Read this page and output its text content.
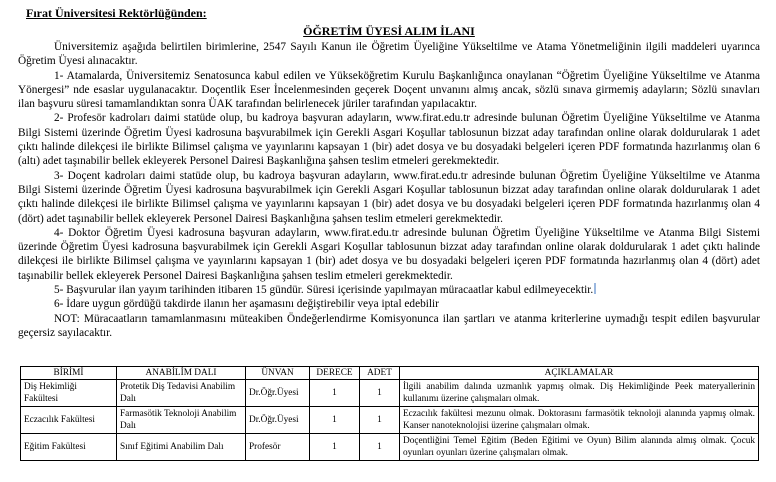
Fırat Üniversitesi Rektörlüğünden:
ÖĞRETİM ÜYESİ ALIM İLANI

Üniversitemiz aşağıda belirtilen birimlerine, 2547 Sayılı Kanun ile Öğretim Üyeliğine Yükseltilme ve Atama Yönetmeliğinin ilgili maddeleri uyarınca Öğretim Üyesi alınacaktır.

1- Atamalarda, Üniversitemiz Senatosunca kabul edilen ve Yükseköğretim Kurulu Başkanlığınca onaylanan “Öğretim Üyeliğine Yükseltilme ve Atanma Yönergesi” nde esaslar uygulanacaktır. Doçentlik Eser İncelenmesinden geçerek Doçent unvanını almış ancak, sözlü sınava girmemiş adayların; Sözlü sınavları ilan başvuru süresi tamamlandıktan sonra ÜAK tarafından belirlenecek jüriler tarafından yapılacaktır.

2- Profesör kadroları daimi statüde olup, bu kadroya başvuran adayların, www.firat.edu.tr adresinde bulunan Öğretim Üyeliğine Yükseltilme ve Atanma Bilgi Sistemi üzerinde Öğretim Üyesi kadrosuna başvurabilmek için Gerekli Asgari Koşullar tablosunun bizzat aday tarafından online olarak doldurularak 1 adet çıktı halinde dilekçesi ile birlikte Bilimsel çalışma ve yayınlarını kapsayan 1 (bir) adet dosya ve bu dosyadaki belgeleri içeren PDF formatında hazırlanmış olan 6 (altı) adet taşınabilir bellek ekleyerek Personel Dairesi Başkanlığına şahsen teslim etmeleri gerekmektedir.

3- Doçent kadroları daimi statüde olup, bu kadroya başvuran adayların, www.firat.edu.tr adresinde bulunan Öğretim Üyeliğine Yükseltilme ve Atanma Bilgi Sistemi üzerinde Öğretim Üyesi kadrosuna başvurabilmek için Gerekli Asgari Koşullar tablosunun bizzat aday tarafından online olarak doldurularak 1 adet çıktı halinde dilekçesi ile birlikte Bilimsel çalışma ve yayınlarını kapsayan 1 (bir) adet dosya ve bu dosyadaki belgeleri içeren PDF formatında hazırlanmış olan 4 (dört) adet taşınabilir bellek ekleyerek Personel Dairesi Başkanlığına şahsen teslim etmeleri gerekmektedir.

4- Doktor Öğretim Üyesi kadrosuna başvuran adayların, www.firat.edu.tr adresinde bulunan Öğretim Üyeliğine Yükseltilme ve Atanma Bilgi Sistemi üzerinde Öğretim Üyesi kadrosuna başvurabilmek için Gerekli Asgari Koşullar tablosunun bizzat aday tarafından online olarak doldurularak 1 adet çıktı halinde dilekçesi ile birlikte Bilimsel çalışma ve yayınlarını kapsayan 1 (bir) adet dosya ve bu dosyadaki belgeleri içeren PDF formatında hazırlanmış olan 4 (dört) adet taşınabilir bellek ekleyerek Personel Dairesi Başkanlığına şahsen teslim etmeleri gerekmektedir.

5- Başvurular ilan yayım tarihinden itibaren 15 gündür. Süresi içerisinde yapılmayan müracaatlar kabul edilmeyecektir.

6- İdare uygun gördüğü takdirde ilanın her aşamasını değiştirebilir veya iptal edebilir

NOT: Müracaatların tamamlanmasını müteakiben Öndeğerlendirme Komisyonunca ilan şartları ve atanma kriterlerine uymadığı tespit edilen başvurular geçersiz sayılacaktır.

BİRİMİ	ANABİLİM DALI	ÜNVAN	DERECE	ADET	AÇIKLAMALAR
Diş Hekimliği Fakültesi	Protetik Diş Tedavisi Anabilim Dalı	Dr.Öğr.Üyesi	1	1	İlgili anabilim dalında uzmanlık yapmış olmak. Diş Hekimliğinde Peek materyallerinin kullanımı üzerine çalışmaları olmak.
Eczacılık Fakültesi	Farmasötik Teknoloji Anabilim Dalı	Dr.Öğr.Üyesi	1	1	Eczacılık fakültesi mezunu olmak. Doktorasını farmasötik teknoloji alanında yapmış olmak. Kanser nanoteknolojisi üzerine çalışmaları olmak.
Eğitim Fakültesi	Sınıf Eğitimi Anabilim Dalı	Profesör	1	1	Doçentliğini Temel Eğitim (Beden Eğitimi ve Oyun) Bilim alanında almış olmak. Çocuk oyunları oyunları üzerine çalışmaları olmak.
